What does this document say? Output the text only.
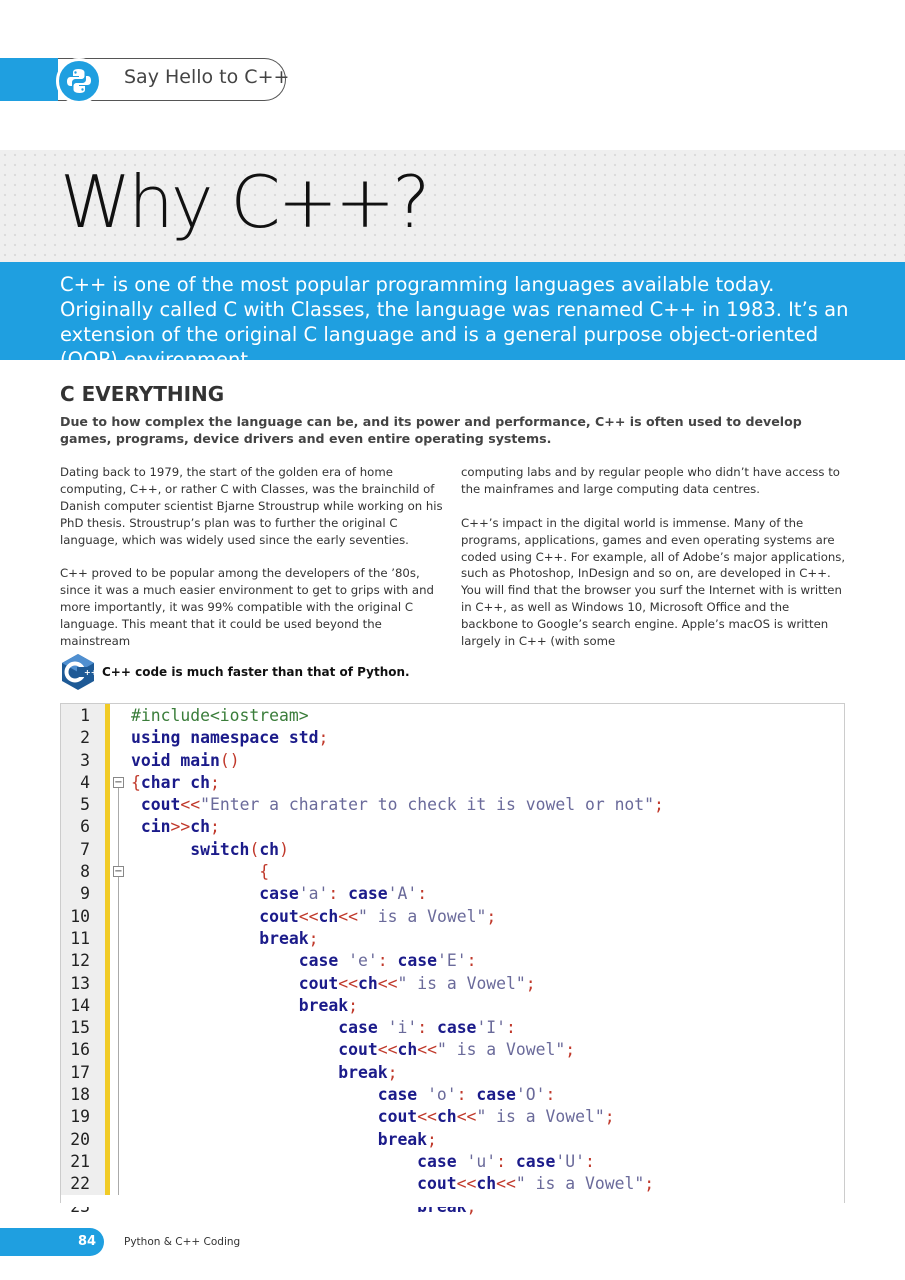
Say Hello to C++
Why C++?
C++ is one of the most popular programming languages available today. Originally called C with Classes, the language was renamed C++ in 1983. It’s an extension of the original C language and is a general purpose object-oriented (OOP) environment.
C EVERYTHING
Due to how complex the language can be, and its power and performance, C++ is often used to develop games, programs, device drivers and even entire operating systems.

Dating back to 1979, the start of the golden era of home computing, C++, or rather C with Classes, was the brainchild of Danish computer scientist Bjarne Stroustrup while working on his PhD thesis. Stroustrup’s plan was to further the original C language, which was widely used since the early seventies.

C++ proved to be popular among the developers of the ’80s, since it was a much easier environment to get to grips with and more importantly, it was 99% compatible with the original C language. This meant that it could be used beyond the mainstream

computing labs and by regular people who didn’t have access to the mainframes and large computing data centres.

C++’s impact in the digital world is immense. Many of the programs, applications, games and even operating systems are coded using C++. For example, all of Adobe’s major applications, such as Photoshop, InDesign and so on, are developed in C++. You will find that the browser you surf the Internet with is written in C++, as well as Windows 10, Microsoft Office and the backbone to Google’s search engine. Apple’s macOS is written largely in C++ (with some

++ C++ code is much faster than that of Python.
−
−
1	#include<iostream>
2	using namespace std;
3	void main()
4	{char ch;
5	cout<<"Enter a charater to check it is vowel or not";
6	cin>>ch;
7	switch(ch)
8	{
9	case'a': case'A':
10	cout<<ch<<" is a Vowel";
11	break;
12	case 'e': case'E':
13	cout<<ch<<" is a Vowel";
14	break;
15	case 'i': case'I':
16	cout<<ch<<" is a Vowel";
17	break;
18	case 'o': case'O':
19	cout<<ch<<" is a Vowel";
20	break;
21	case 'u': case'U':
22	cout<<ch<<" is a Vowel";

84	Python & C++ Coding
